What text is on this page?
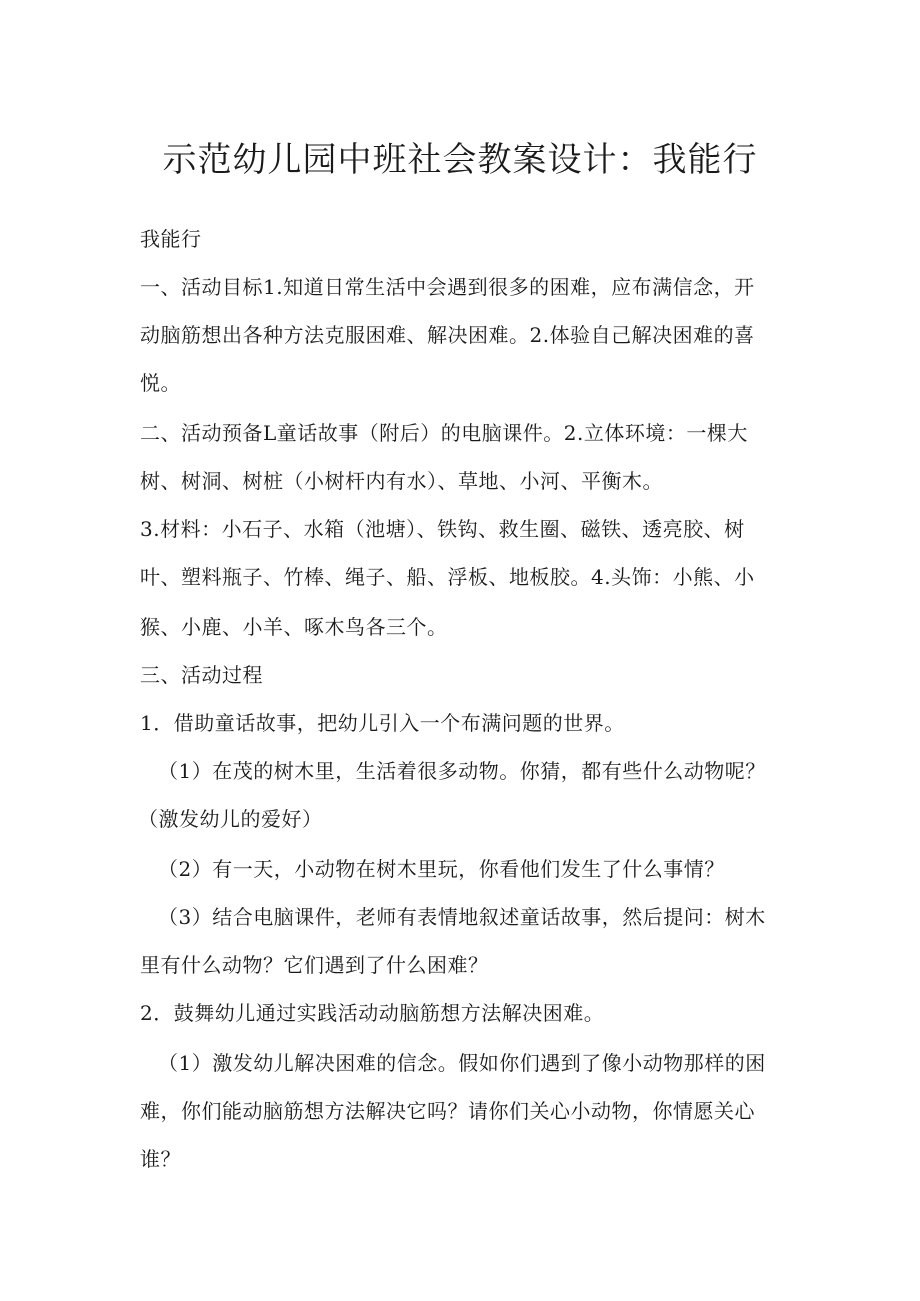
示范幼儿园中班社会教案设计：我能行
我能行
一、活动目标1.知道日常生活中会遇到很多的困难，应布满信念，开
动脑筋想出各种方法克服困难、解决困难。2.体验自己解决困难的喜
悦。
二、活动预备L童话故事（附后）的电脑课件。2.立体环境：一棵大
树、树洞、树桩（小树杆内有水）、草地、小河、平衡木。
3.材料：小石子、水箱（池塘）、铁钩、救生圈、磁铁、透亮胶、树
叶、塑料瓶子、竹棒、绳子、船、浮板、地板胶。4.头饰：小熊、小
猴、小鹿、小羊、啄木鸟各三个。
三、活动过程
1．借助童话故事，把幼儿引入一个布满问题的世界。
（1）在茂的树木里，生活着很多动物。你猜，都有些什么动物呢？
（激发幼儿的爱好）
（2）有一天，小动物在树木里玩，你看他们发生了什么事情？
（3）结合电脑课件，老师有表情地叙述童话故事，然后提问：树木
里有什么动物？它们遇到了什么困难？
2．鼓舞幼儿通过实践活动动脑筋想方法解决困难。
（1）激发幼儿解决困难的信念。假如你们遇到了像小动物那样的困
难，你们能动脑筋想方法解决它吗？请你们关心小动物，你情愿关心
谁？
